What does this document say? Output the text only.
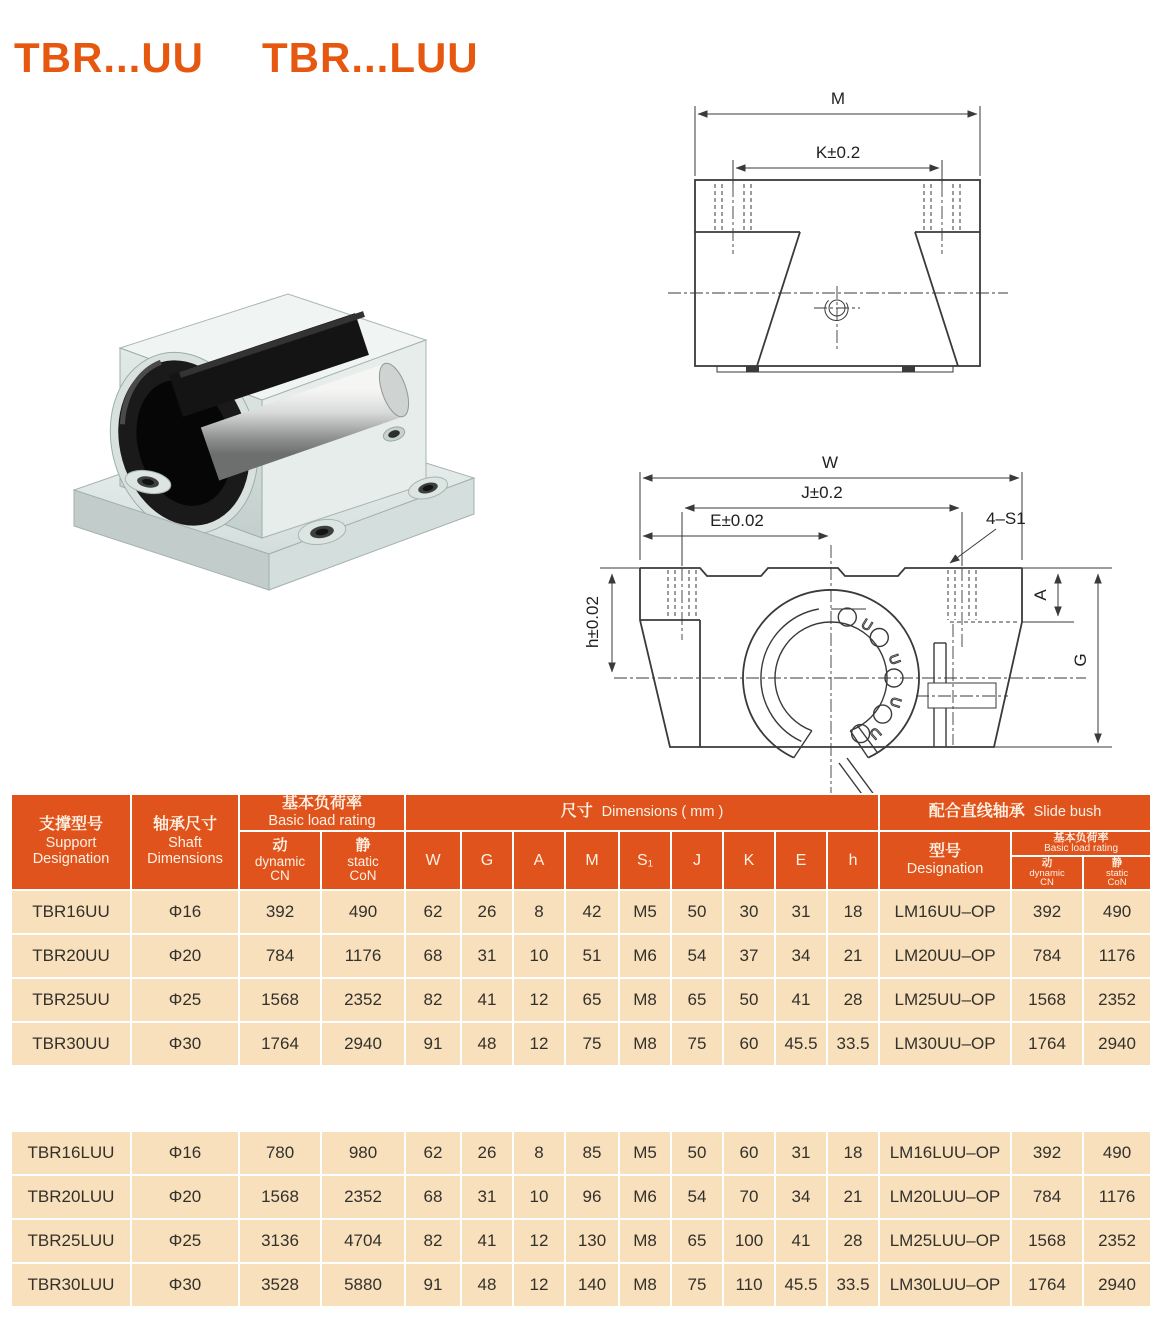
TBR...UU TBR...LUU
M
K±0.2
W
J±0.2
E±0.02	4–S1
h±0.02
A
G
U
U
U
U
支撑型号
Support Designation

轴承尺寸
Shaft Dimensions

基本负荷率
Basic load rating
	尺寸 Dimensions ( mm )	配合直线轴承 Slide bush

动
dynamic
CN

静
static
CoN
	W	G	A	M	S₁	J	K	E	h	
型号
Designation

基本负荷率
Basic load rating

动
dynamic
CN

静
static
CoN

TBR16UU	Φ16	392	490	62	26	8	42	M5	50	30	31	18	LM16UU–OP	392	490
TBR20UU	Φ20	784	1176	68	31	10	51	M6	54	37	34	21	LM20UU–OP	784	1176
TBR25UU	Φ25	1568	2352	82	41	12	65	M8	65	50	41	28	LM25UU–OP	1568	2352
TBR30UU	Φ30	1764	2940	91	48	12	75	M8	75	60	45.5	33.5	LM30UU–OP	1764	2940
TBR16LUU	Φ16	780	980	62	26	8	85	M5	50	60	31	18	LM16LUU–OP	392	490
TBR20LUU	Φ20	1568	2352	68	31	10	96	M6	54	70	34	21	LM20LUU–OP	784	1176
TBR25LUU	Φ25	3136	4704	82	41	12	130	M8	65	100	41	28	LM25LUU–OP	1568	2352
TBR30LUU	Φ30	3528	5880	91	48	12	140	M8	75	110	45.5	33.5	LM30LUU–OP	1764	2940
